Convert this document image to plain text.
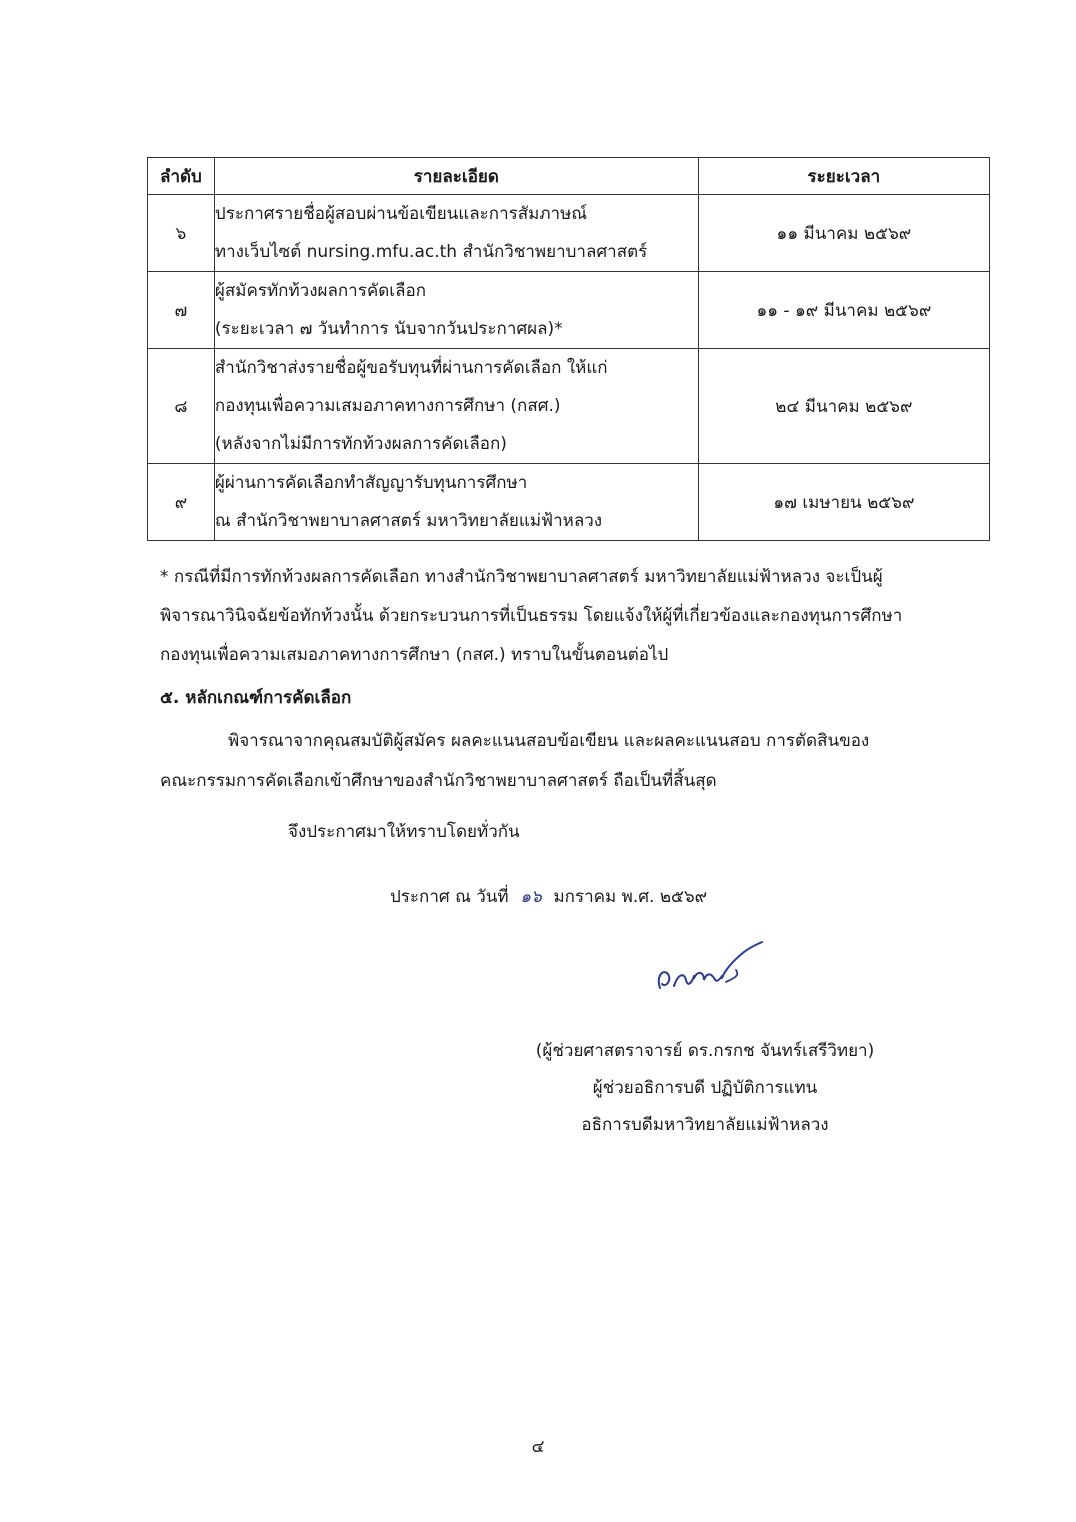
ลำดับ	รายละเอียด	ระยะเวลา
๖	ประกาศรายชื่อผู้สอบผ่านข้อเขียนและการสัมภาษณ์
ทางเว็บไซต์ nursing.mfu.ac.th สำนักวิชาพยาบาลศาสตร์	๑๑ มีนาคม ๒๕๖๙
๗	ผู้สมัครทักท้วงผลการคัดเลือก
(ระยะเวลา ๗ วันทำการ นับจากวันประกาศผล)*	๑๑ - ๑๙ มีนาคม ๒๕๖๙
๘	สำนักวิชาส่งรายชื่อผู้ขอรับทุนที่ผ่านการคัดเลือก ให้แก่
กองทุนเพื่อความเสมอภาคทางการศึกษา (กสศ.)
(หลังจากไม่มีการทักท้วงผลการคัดเลือก)	๒๔ มีนาคม ๒๕๖๙
๙	ผู้ผ่านการคัดเลือกทำสัญญารับทุนการศึกษา
ณ สำนักวิชาพยาบาลศาสตร์ มหาวิทยาลัยแม่ฟ้าหลวง	๑๗ เมษายน ๒๕๖๙
* กรณีที่มีการทักท้วงผลการคัดเลือก ทางสำนักวิชาพยาบาลศาสตร์ มหาวิทยาลัยแม่ฟ้าหลวง จะเป็นผู้
พิจารณาวินิจฉัยข้อทักท้วงนั้น ด้วยกระบวนการที่เป็นธรรม โดยแจ้งให้ผู้ที่เกี่ยวข้องและกองทุนการศึกษา
กองทุนเพื่อความเสมอภาคทางการศึกษา (กสศ.) ทราบในขั้นตอนต่อไป
๕. หลักเกณฑ์การคัดเลือก
พิจารณาจากคุณสมบัติผู้สมัคร ผลคะแนนสอบข้อเขียน และผลคะแนนสอบ การตัดสินของ
คณะกรรมการคัดเลือกเข้าศึกษาของสำนักวิชาพยาบาลศาสตร์ ถือเป็นที่สิ้นสุด
จึงประกาศมาให้ทราบโดยทั่วกัน
ประกาศ ณ วันที่ ๑๖ มกราคม พ.ศ. ๒๕๖๙
(ผู้ช่วยศาสตราจารย์ ดร.กรกช จันทร์เสรีวิทยา)
ผู้ช่วยอธิการบดี ปฏิบัติการแทน
อธิการบดีมหาวิทยาลัยแม่ฟ้าหลวง
๔
